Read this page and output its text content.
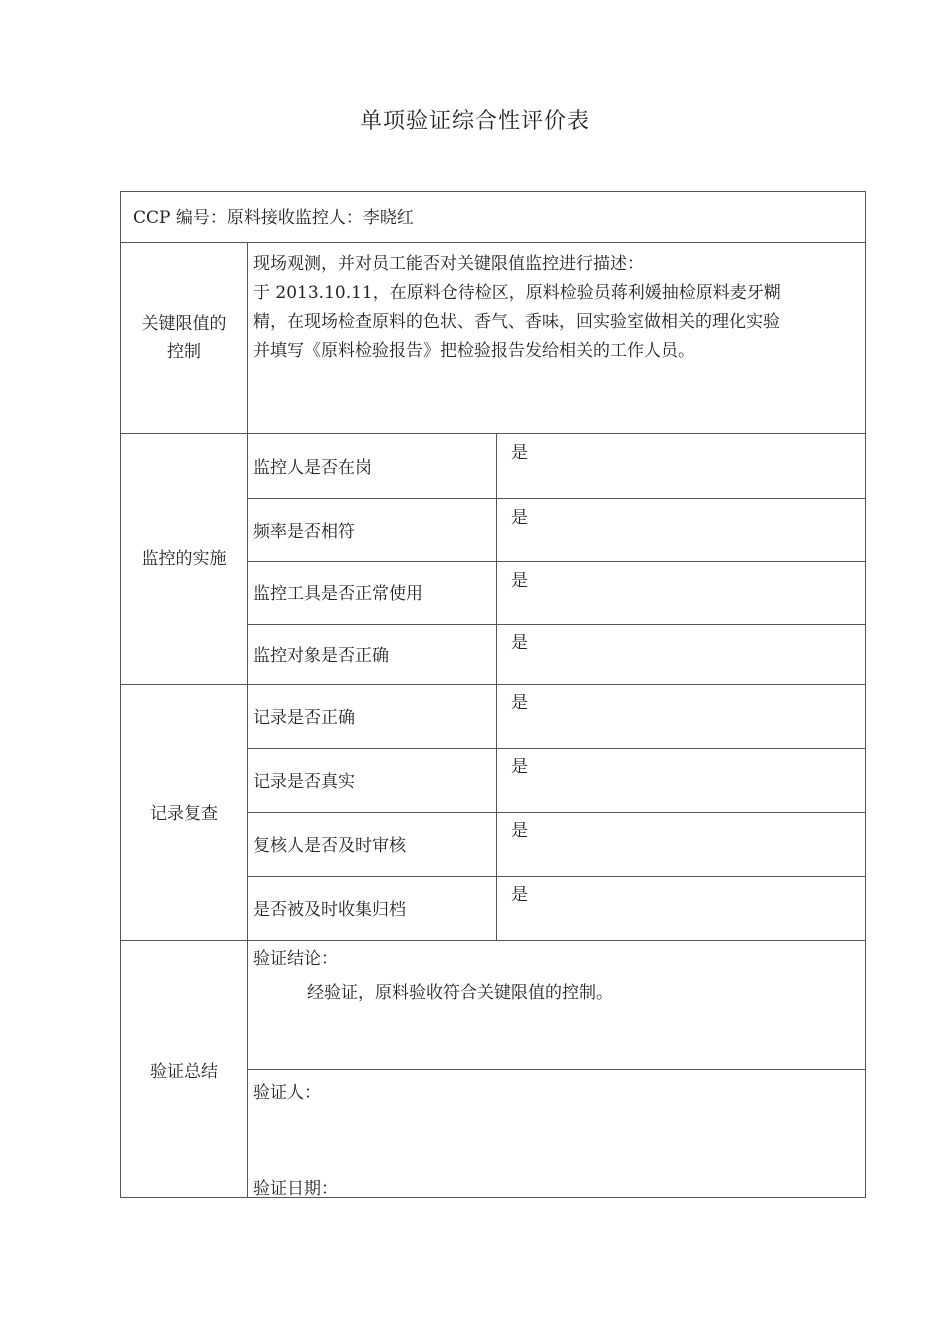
单项验证综合性评价表
CCP 编号：原料接收监控人：李晓红
关键限值的
控制
现场观测，并对员工能否对关键限值监控进行描述：
于 2013.10.11，在原料仓待检区，原料检验员蒋利媛抽检原料麦牙糊
精，在现场检查原料的色状、香气、香味，回实验室做相关的理化实验
并填写《原料检验报告》把检验报告发给相关的工作人员。
监控的实施
监控人是否在岗
是
频率是否相符
是
监控工具是否正常使用
是
监控对象是否正确
是
记录复查
记录是否正确
是
记录是否真实
是
复核人是否及时审核
是
是否被及时收集归档
是
验证总结
验证结论：
经验证，原料验收符合关键限值的控制。
验证人：
验证日期：
